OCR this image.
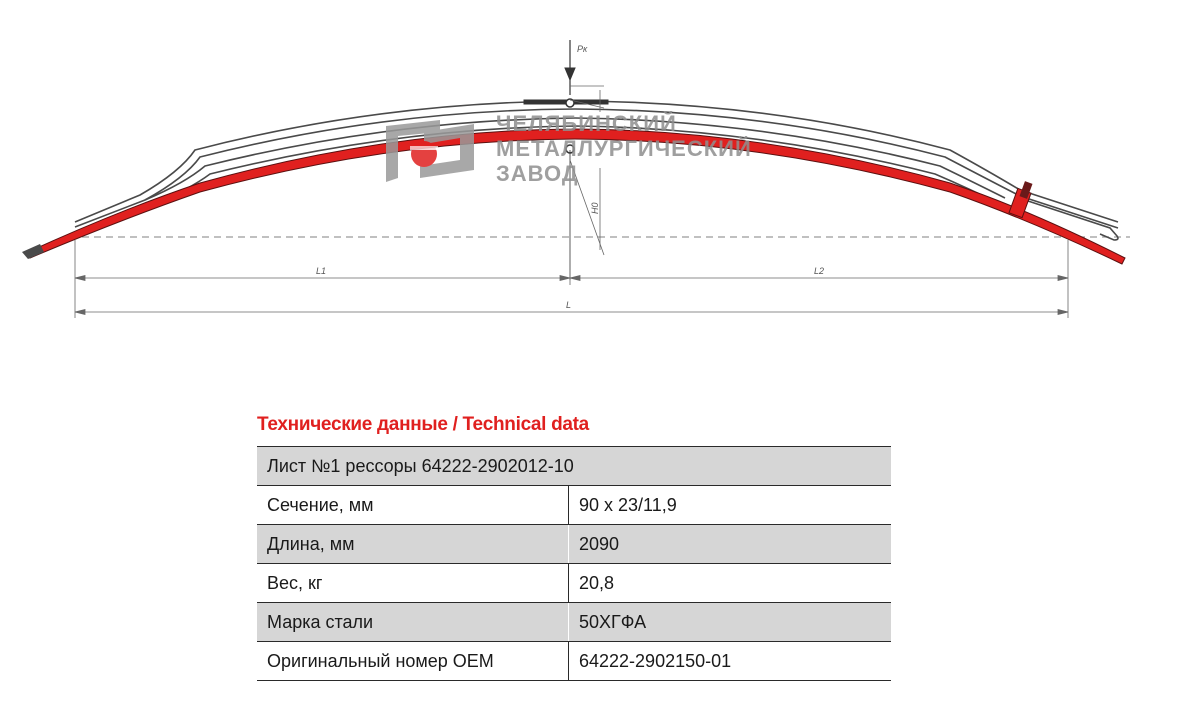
Pк
H0
L1	L2
L
ЧЕЛЯБИНСКИЙ
МЕТАЛЛУРГИЧЕСКИЙ
ЗАВОД
Технические данные / Technical data
Лист №1 рессоры 64222-2902012-10	
Сечение, мм	90 x 23/11,9
Длина, мм	2090
Вес, кг	20,8
Марка стали	50ХГФА
Оригинальный номер OEM	64222-2902150-01
